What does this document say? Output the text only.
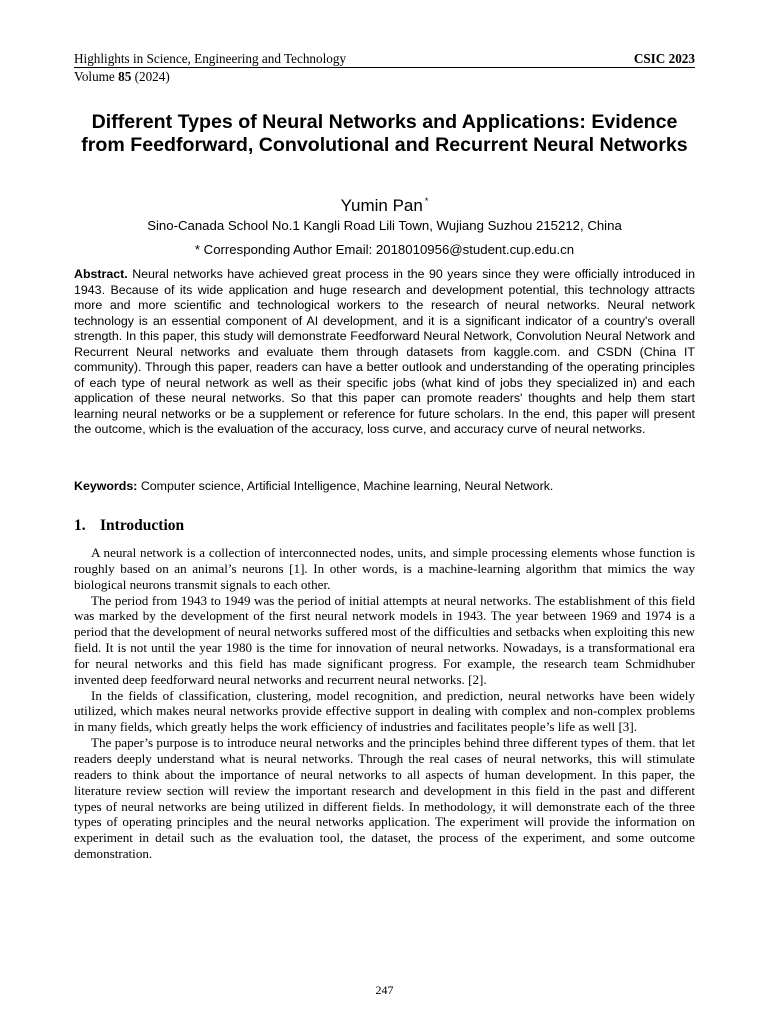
Highlights in Science, Engineering and Technology	CSIC 2023
Volume 85 (2024)
Different Types of Neural Networks and Applications: Evidence from Feedforward, Convolutional and Recurrent Neural Networks
Yumin Pan *
Sino-Canada School No.1 Kangli Road Lili Town, Wujiang Suzhou 215212, China
* Corresponding Author Email: 2018010956@student.cup.edu.cn

Abstract. Neural networks have achieved great process in the 90 years since they were officially introduced in 1943. Because of its wide application and huge research and development potential, this technology attracts more and more scientific and technological workers to the research of neural networks. Neural network technology is an essential component of AI development, and it is a significant indicator of a country's overall strength. In this paper, this study will demonstrate Feedforward Neural Network, Convolution Neural Network and Recurrent Neural networks and evaluate them through datasets from kaggle.com. and CSDN (China IT community). Through this paper, readers can have a better outlook and understanding of the operating principles of each type of neural network as well as their specific jobs (what kind of jobs they specialized in) and each application of these neural networks. So that this paper can promote readers' thoughts and help them start learning neural networks or be a supplement or reference for future scholars. In the end, this paper will present the outcome, which is the evaluation of the accuracy, loss curve, and accuracy curve of neural networks.

Keywords: Computer science, Artificial Intelligence, Machine learning, Neural Network.

1. Introduction

A neural network is a collection of interconnected nodes, units, and simple processing elements whose function is roughly based on an animal’s neurons [1]. In other words, is a machine-learning algorithm that mimics the way biological neurons transmit signals to each other.

The period from 1943 to 1949 was the period of initial attempts at neural networks. The establishment of this field was marked by the development of the first neural network models in 1943. The year between 1969 and 1974 is a period that the development of neural networks suffered most of the difficulties and setbacks when exploiting this new field. It is not until the year 1980 is the time for innovation of neural networks. Nowadays, is a transformational era for neural networks and this field has made significant progress. For example, the research team Schmidhuber invented deep feedforward neural networks and recurrent neural networks. [2].

In the fields of classification, clustering, model recognition, and prediction, neural networks have been widely utilized, which makes neural networks provide effective support in dealing with complex and non-complex problems in many fields, which greatly helps the work efficiency of industries and facilitates people’s life as well [3].

The paper’s purpose is to introduce neural networks and the principles behind three different types of them. that let readers deeply understand what is neural networks. Through the real cases of neural networks, this will stimulate readers to think about the importance of neural networks to all aspects of human development. In this paper, the literature review section will review the important research and development in this field in the past and different types of neural networks are being utilized in different fields. In methodology, it will demonstrate each of the three types of operating principles and the neural networks application. The experiment will provide the information on experiment in detail such as the evaluation tool, the dataset, the process of the experiment, and some outcome demonstration.

247
